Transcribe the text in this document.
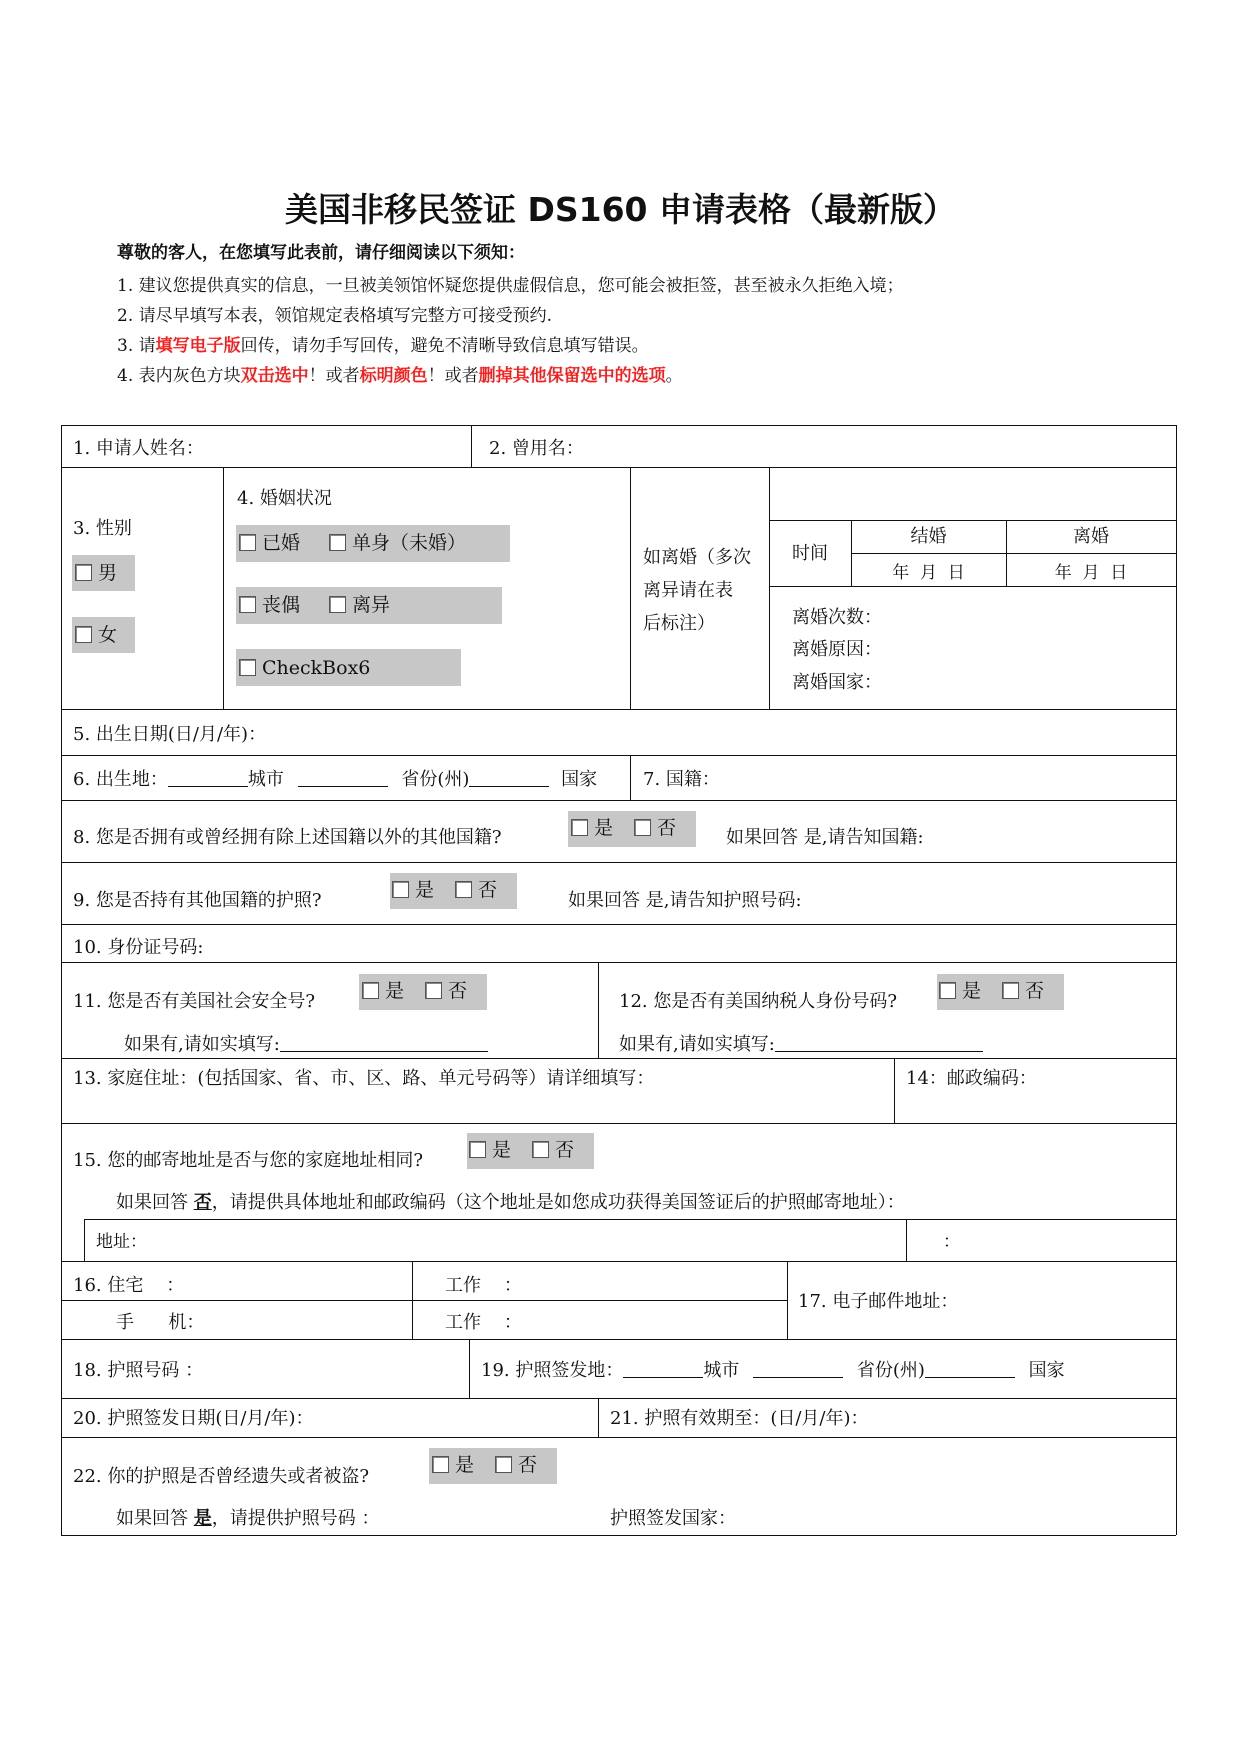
美国非移民签证 DS160 申请表格（最新版）
尊敬的客人，在您填写此表前，请仔细阅读以下须知：
1. 建议您提供真实的信息，一旦被美领馆怀疑您提供虚假信息，您可能会被拒签，甚至被永久拒绝入境；
2. 请尽早填写本表，领馆规定表格填写完整方可接受预约.
3. 请填写电子版回传，请勿手写回传，避免不清晰导致信息填写错误。
4. 表内灰色方块双击选中！或者标明颜色！或者删掉其他保留选中的选项。
1. 申请人姓名：	2. 曾用名：
3. 性别
男
女
4. 婚姻状况
已婚	单身（未婚）
丧偶	离异
CheckBox6
如离婚（多次
离异请在表
后标注）
时间
结婚	离婚
年  月  日	年  月  日
离婚次数：
离婚原因：
离婚国家：
5. 出生日期(日/月/年)：
6. 出生地：	城市	省份(州)	国家	7. 国籍：
8. 您是否拥有或曾经拥有除上述国籍以外的其他国籍?	是	否	如果回答 是,请告知国籍:
9. 您是否持有其他国籍的护照?	是	否	如果回答 是,请告知护照号码:
10. 身份证号码:
11. 您是否有美国社会安全号?	是	否
如果有,请如实填写:
12. 您是否有美国纳税人身份号码?	是	否
如果有,请如实填写:
13. 家庭住址：(包括国家、省、市、区、路、单元号码等）请详细填写：	14：邮政编码：
15. 您的邮寄地址是否与您的家庭地址相同?	是	否
如果回答 否，请提供具体地址和邮政编码（这个地址是如您成功获得美国签证后的护照邮寄地址）：
地址：	：
16. 住宅    ：	工作    ：
手      机：	工作    ：
17. 电子邮件地址：
18. 护照号码 ：	19. 护照签发地：	城市	省份(州)	国家
20. 护照签发日期(日/月/年)：	21. 护照有效期至：(日/月/年)：
22. 你的护照是否曾经遗失或者被盗?
是	否
如果回答 是，请提供护照号码 ：	护照签发国家：
